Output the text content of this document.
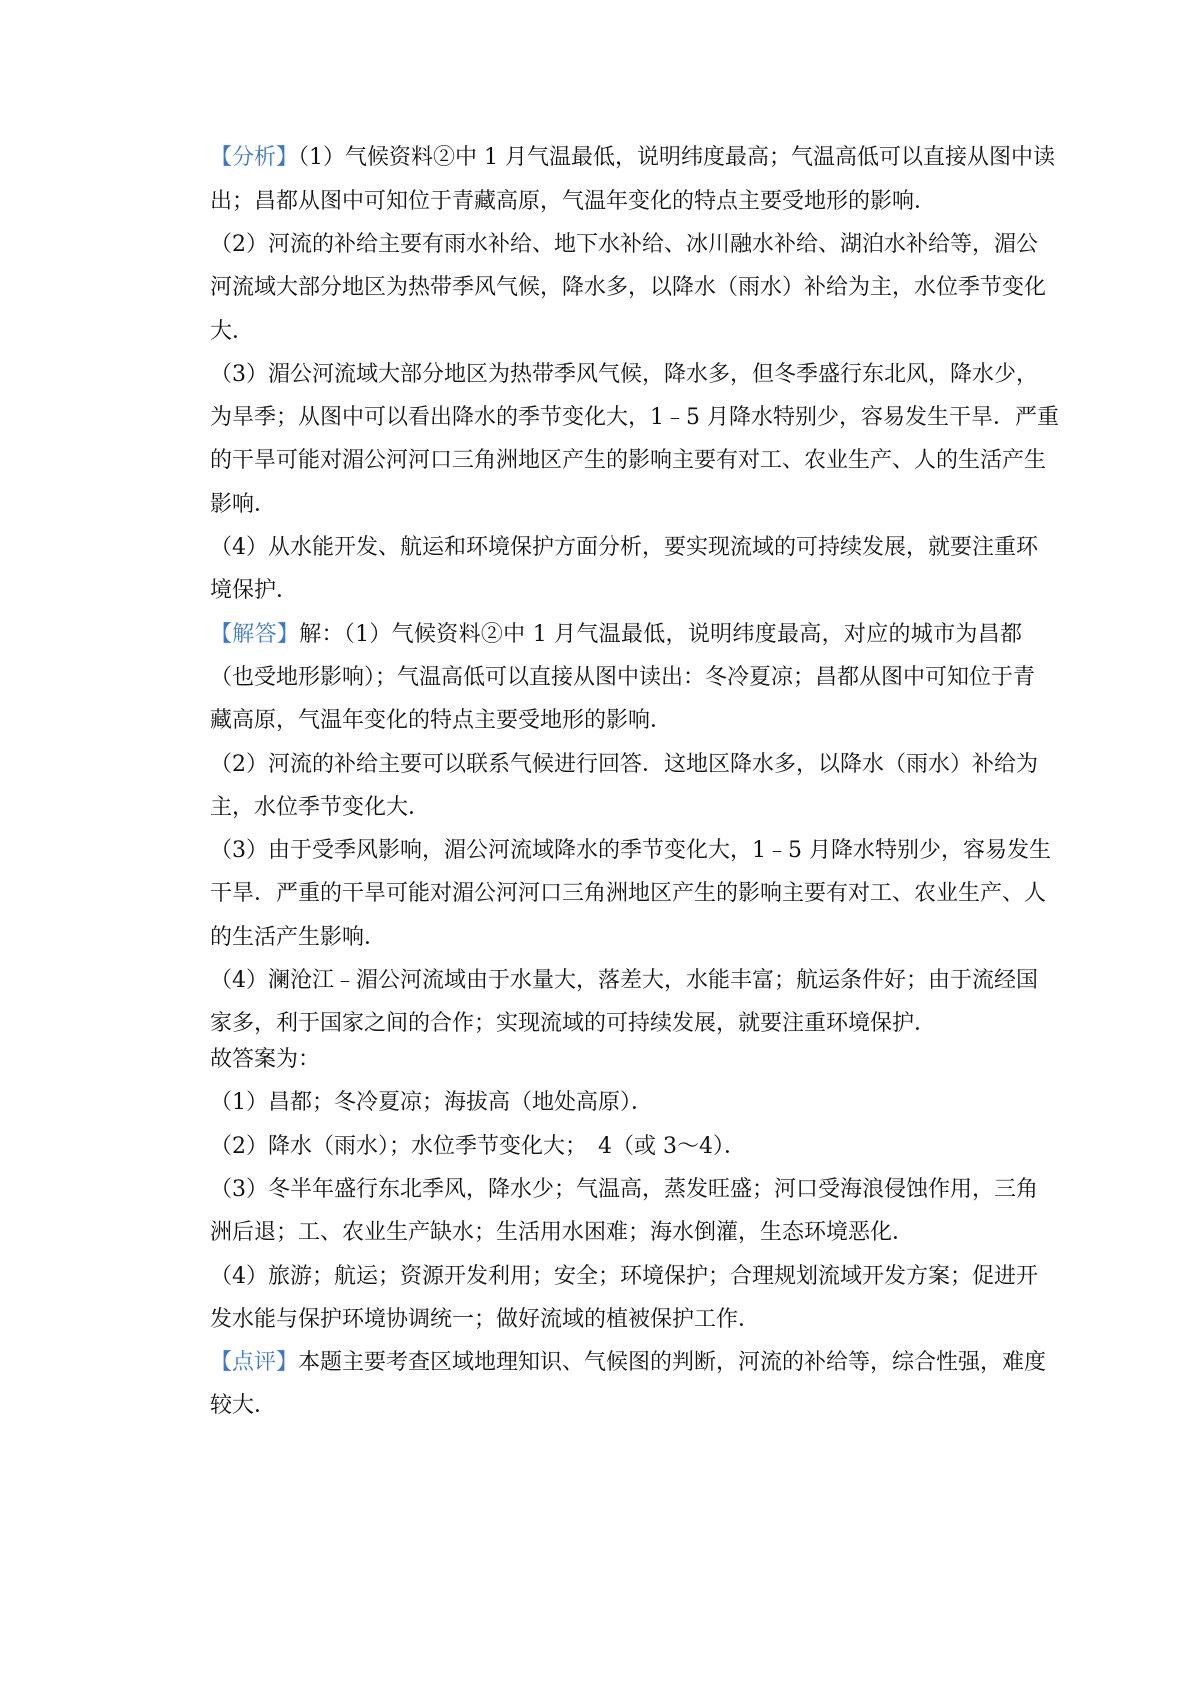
【分析】（1）气候资料②中 1 月气温最低，说明纬度最高；气温高低可以直接从图中读
出；昌都从图中可知位于青藏高原，气温年变化的特点主要受地形的影响．
（2）河流的补给主要有雨水补给、地下水补给、冰川融水补给、湖泊水补给等，湄公
河流域大部分地区为热带季风气候，降水多，以降水（雨水）补给为主，水位季节变化
大．
（3）湄公河流域大部分地区为热带季风气候，降水多，但冬季盛行东北风，降水少，
为旱季；从图中可以看出降水的季节变化大，1﹣5 月降水特别少，容易发生干旱．严重
的干旱可能对湄公河河口三角洲地区产生的影响主要有对工、农业生产、人的生活产生
影响．
（4）从水能开发、航运和环境保护方面分析，要实现流域的可持续发展，就要注重环
境保护．
【解答】解：（1）气候资料②中 1 月气温最低，说明纬度最高，对应的城市为昌都
（也受地形影响）；气温高低可以直接从图中读出：冬冷夏凉；昌都从图中可知位于青
藏高原，气温年变化的特点主要受地形的影响．
（2）河流的补给主要可以联系气候进行回答．这地区降水多，以降水（雨水）补给为
主，水位季节变化大．
（3）由于受季风影响，湄公河流域降水的季节变化大，1﹣5 月降水特别少，容易发生
干旱．严重的干旱可能对湄公河河口三角洲地区产生的影响主要有对工、农业生产、人
的生活产生影响．
（4）澜沧江﹣湄公河流域由于水量大，落差大，水能丰富；航运条件好；由于流经国
家多，利于国家之间的合作；实现流域的可持续发展，就要注重环境保护．
故答案为：
（1）昌都；冬冷夏凉；海拔高（地处高原）．
（2）降水（雨水）；水位季节变化大；　4（或 3～4）．
（3）冬半年盛行东北季风，降水少；气温高，蒸发旺盛；河口受海浪侵蚀作用，三角
洲后退；工、农业生产缺水；生活用水困难；海水倒灌，生态环境恶化．
（4）旅游；航运；资源开发利用；安全；环境保护；合理规划流域开发方案；促进开
发水能与保护环境协调统一；做好流域的植被保护工作．
【点评】本题主要考查区域地理知识、气候图的判断，河流的补给等，综合性强，难度
较大．
